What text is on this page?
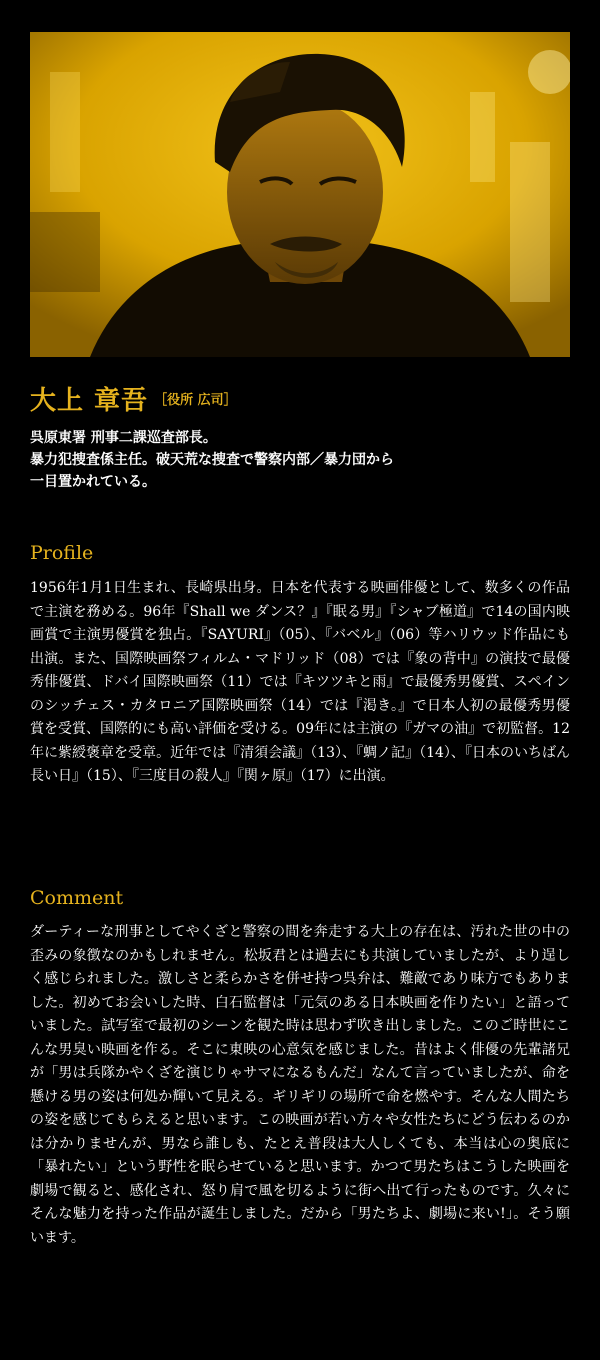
大上 章吾 $^{[役所 広司]}$

呉原東署 刑事二課巡査部長。
暴力犯捜査係主任。破天荒な捜査で警察内部／暴力団から
一目置かれている。

Profile

1956年1月1日生まれ、長崎県出身。日本を代表する映画俳優として、数多くの作品で主演を務める。96年『Shall we ダンス？』『眠る男』『シャブ極道』で14の国内映画賞で主演男優賞を独占。『SAYURI』（05）、『バベル』（06）等ハリウッド作品にも出演。また、国際映画祭フィルム・マドリッド（08）では『象の背中』の演技で最優秀俳優賞、ドバイ国際映画祭（11）では『キツツキと雨』で最優秀男優賞、スペインのシッチェス・カタロニア国際映画祭（14）では『渇き。』で日本人初の最優秀男優賞を受賞、国際的にも高い評価を受ける。09年には主演の『ガマの油』で初監督。12年に紫綬褒章を受章。近年では『清須会議』（13）、『蜩ノ記』（14）、『日本のいちばん長い日』（15）、『三度目の殺人』『関ヶ原』（17）に出演。

Comment

ダーティーな刑事としてやくざと警察の間を奔走する大上の存在は、汚れた世の中の歪みの象徴なのかもしれません。松坂君とは過去にも共演していましたが、より逞しく感じられました。激しさと柔らかさを併せ持つ呉弁は、難敵であり味方でもありました。初めてお会いした時、白石監督は「元気のある日本映画を作りたい」と語っていました。試写室で最初のシーンを観た時は思わず吹き出しました。このご時世にこんな男臭い映画を作る。そこに東映の心意気を感じました。昔はよく俳優の先輩諸兄が「男は兵隊かやくざを演じりゃサマになるもんだ」なんて言っていましたが、命を懸ける男の姿は何処か輝いて見える。ギリギリの場所で命を燃やす。そんな人間たちの姿を感じてもらえると思います。この映画が若い方々や女性たちにどう伝わるのかは分かりませんが、男なら誰しも、たとえ普段は大人しくても、本当は心の奥底に「暴れたい」という野性を眠らせていると思います。かつて男たちはこうした映画を劇場で観ると、感化され、怒り肩で風を切るように街へ出て行ったものです。久々にそんな魅力を持った作品が誕生しました。だから「男たちよ、劇場に来い!」。そう願います。
